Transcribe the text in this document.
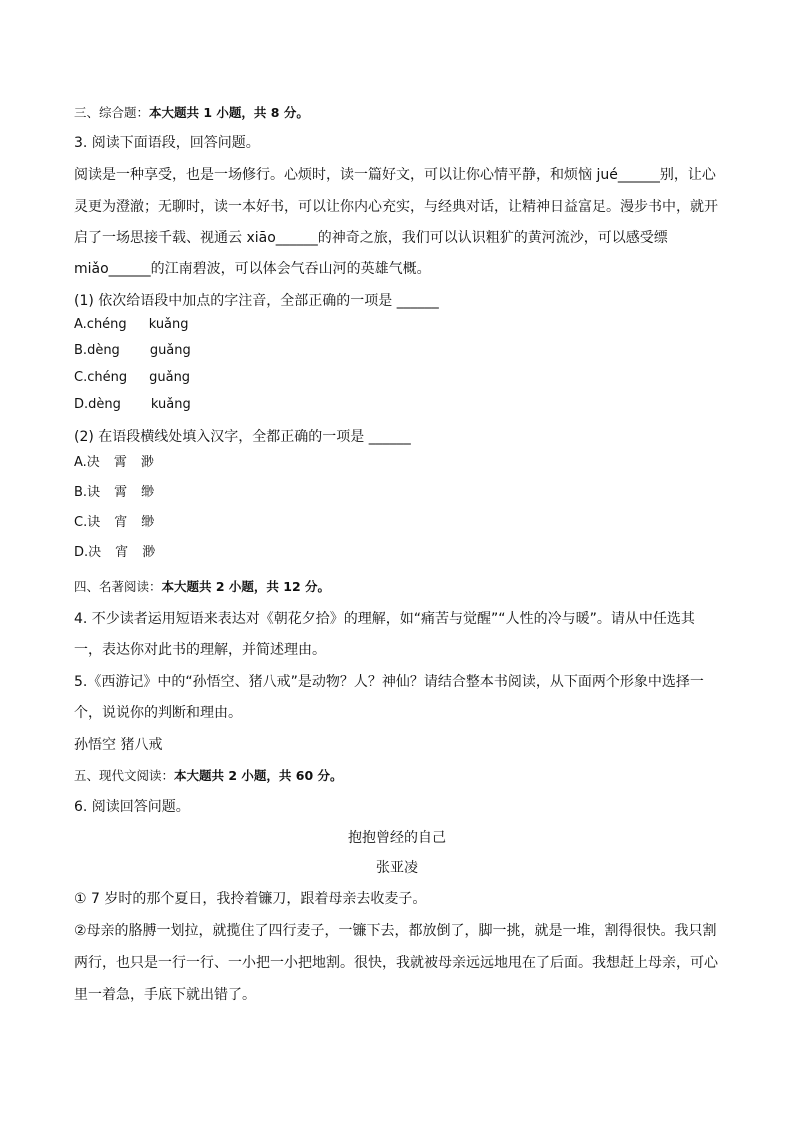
三、综合题：本大题共 1 小题，共 8 分。
3. 阅读下面语段，回答问题。
阅读是一种享受，也是一场修行。心烦时，读一篇好文，可以让你心情平静，和烦恼 jué______别，让心
灵更为澄澈；无聊时，读一本好书，可以让你内心充实，与经典对话，让精神日益富足。漫步书中，就开
启了一场思接千载、视通云 xiāo______的神奇之旅，我们可以认识粗犷的黄河流沙，可以感受缥
miǎo______的江南碧波，可以体会气吞山河的英雄气概。
(1) 依次给语段中加点的字注音，全部正确的一项是 ______
A.chéng kuǎng
B.dèng guǎng
C.chéng guǎng
D.dèng kuǎng
(2) 在语段横线处填入汉字，全都正确的一项是 ______
A.决 霄 渺
B.诀 霄 缈
C.诀 宵 缈
D.决 宵 渺
四、名著阅读：本大题共 2 小题，共 12 分。
4. 不少读者运用短语来表达对《朝花夕拾》的理解，如“痛苦与觉醒”“人性的冷与暖”。请从中任选其
一，表达你对此书的理解，并简述理由。
5.《西游记》中的“孙悟空、猪八戒”是动物？人？神仙？请结合整本书阅读，从下面两个形象中选择一
个，说说你的判断和理由。
孙悟空 猪八戒
五、现代文阅读：本大题共 2 小题，共 60 分。
6. 阅读回答问题。
抱抱曾经的自己
张亚凌
① 7 岁时的那个夏日，我拎着镰刀，跟着母亲去收麦子。
②母亲的胳膊一划拉，就揽住了四行麦子，一镰下去，都放倒了，脚一挑，就是一堆，割得很快。我只割
两行，也只是一行一行、一小把一小把地割。很快，我就被母亲远远地甩在了后面。我想赶上母亲，可心
里一着急，手底下就出错了。
